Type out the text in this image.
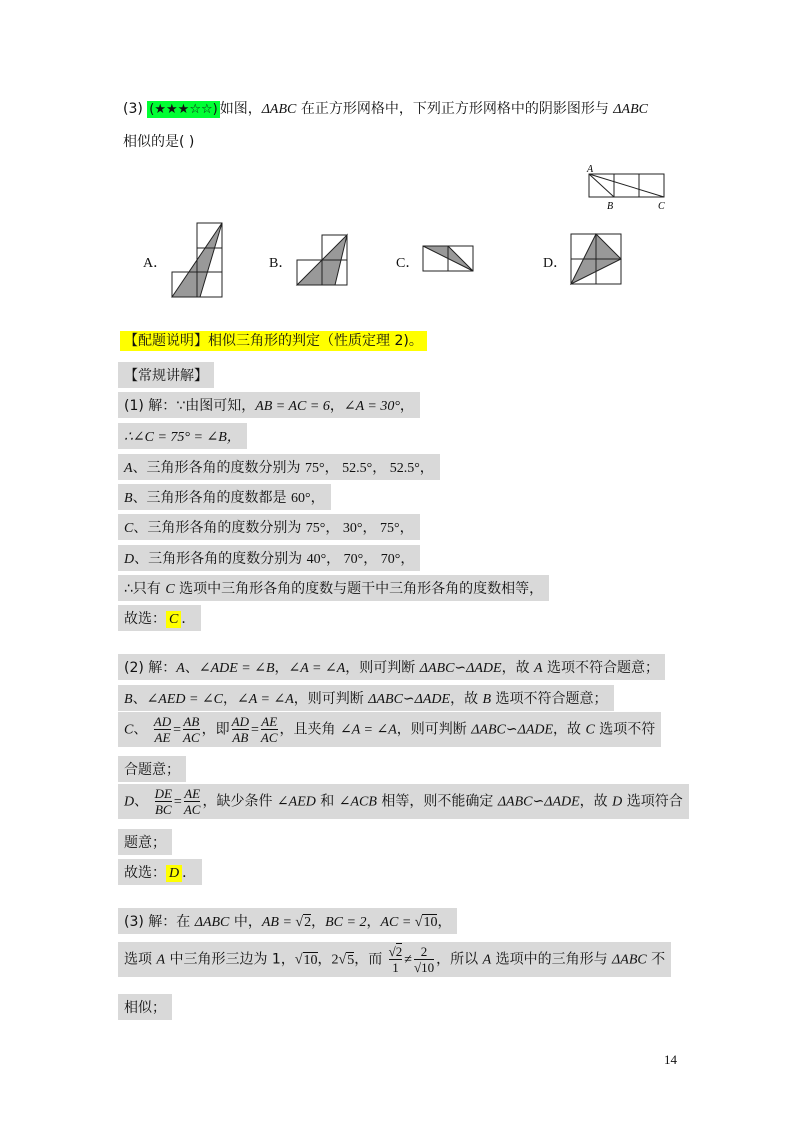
(3) (★★★☆☆) 如图，ΔABC 在正方形网格中，下列正方形网格中的阴影图形与 ΔABC
相似的是( )
A
B	C
A．	B．	C．	D．
【配题说明】相似三角形的判定（性质定理 2)。
【常规讲解】
(1) 解：∵由图可知，AB = AC = 6，∠A = 30°，
∴∠C = 75° = ∠B，
A、三角形各角的度数分别为 75°， 52.5°， 52.5°，
B、三角形各角的度数都是 60°，
C、三角形各角的度数分别为 75°， 30°， 75°，
D、三角形各角的度数分别为 40°， 70°， 70°，
∴只有 C 选项中三角形各角的度数与题干中三角形各角的度数相等，
故选： C ．
(2) 解：A、∠ADE = ∠B，∠A = ∠A，则可判断 ΔABC∽ΔADE，故 A 选项不符合题意；
B、∠AED = ∠C，∠A = ∠A，则可判断 ΔABC∽ΔADE，故 B 选项不符合题意；
C、 $\frac{AD}{AE} = \frac{AB}{AC}$ ，即 $\frac{AD}{AB} = \frac{AE}{AC}$ ，且夹角 ∠A = ∠A，则可判断 ΔABC∽ΔADE，故 C 选项不符
合题意；
D、 $\frac{DE}{BC} = \frac{AE}{AC}$ ，缺少条件 ∠AED 和 ∠ACB 相等，则不能确定 ΔABC∽ΔADE，故 D 选项符合
题意；
故选： D ．
(3) 解：在 ΔABC 中，AB = √2，BC = 2，AC = √10，
选项 A 中三角形三边为 1，√10，2√5，而 $\frac{√2}{1} \ne \frac{2}{√10}$ ，所以 A 选项中的三角形与 ΔABC 不
相似；
14
